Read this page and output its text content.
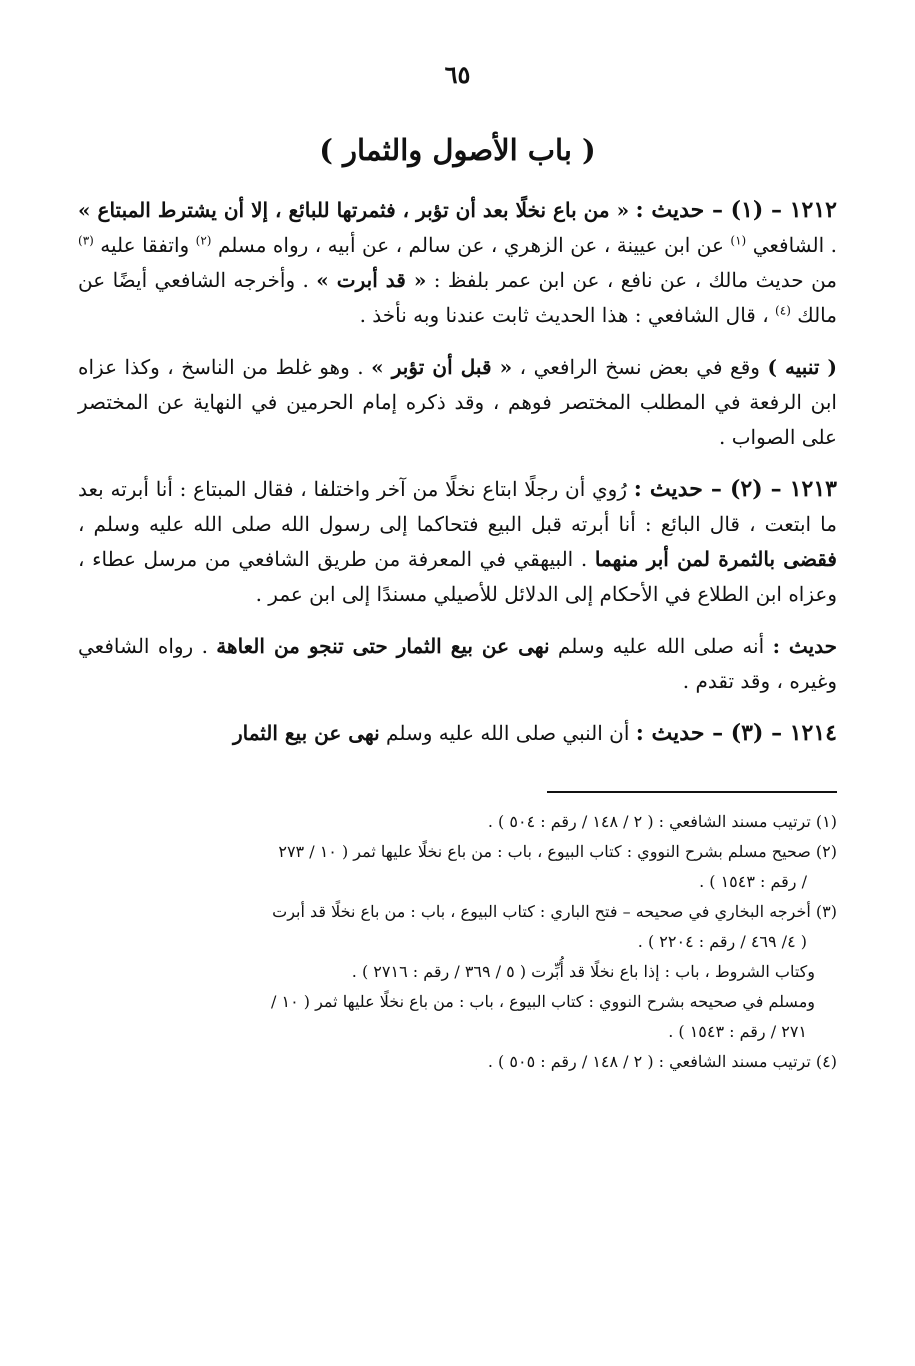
٦٥
( باب الأصول والثمار )

١٢١٢ – (١) – حديث : « من باع نخلًا بعد أن تؤبر ، فثمرتها للبائع ، إلا أن يشترط المبتاع » . الشافعي $^{(١)}$ عن ابن عيينة ، عن الزهري ، عن سالم ، عن أبيه ، رواه مسلم $^{(٢)}$ واتفقا عليه $^{(٣)}$ من حديث مالك ، عن نافع ، عن ابن عمر بلفظ : « قد أبرت » . وأخرجه الشافعي أيضًا عن مالك $^{(٤)}$ ، قال الشافعي : هذا الحديث ثابت عندنا وبه نأخذ .

( تنبيه ) وقع في بعض نسخ الرافعي ، « قبل أن تؤبر » . وهو غلط من الناسخ ، وكذا عزاه ابن الرفعة في المطلب المختصر فوهم ، وقد ذكره إمام الحرمين في النهاية عن المختصر على الصواب .

١٢١٣ – (٢) – حديث : رُوي أن رجلًا ابتاع نخلًا من آخر واختلفا ، فقال المبتاع : أنا أبرته بعد ما ابتعت ، قال البائع : أنا أبرته قبل البيع فتحاكما إلى رسول الله صلى الله عليه وسلم ، فقضى بالثمرة لمن أبر منهما . البيهقي في المعرفة من طريق الشافعي من مرسل عطاء ، وعزاه ابن الطلاع في الأحكام إلى الدلائل للأصيلي مسندًا إلى ابن عمر .

حديث : أنه صلى الله عليه وسلم نهى عن بيع الثمار حتى تنجو من العاهة . رواه الشافعي وغيره ، وقد تقدم .

١٢١٤ – (٣) – حديث : أن النبي صلى الله عليه وسلم نهى عن بيع الثمار

(١) ترتيب مسند الشافعي : ( ٢ / ١٤٨ / رقم : ٥٠٤ ) .

(٢) صحيح مسلم بشرح النووي : كتاب البيوع ، باب : من باع نخلًا عليها ثمر ( ١٠ / ٢٧٣

/ رقم : ١٥٤٣ ) .

(٣) أخرجه البخاري في صحيحه – فتح الباري : كتاب البيوع ، باب : من باع نخلًا قد أبرت

( ٤/ ٤٦٩ / رقم : ٢٢٠٤ ) .

وكتاب الشروط ، باب : إذا باع نخلًا قد أُبِّرت ( ٥ / ٣٦٩ / رقم : ٢٧١٦ ) .

ومسلم في صحيحه بشرح النووي : كتاب البيوع ، باب : من باع نخلًا عليها ثمر ( ١٠ /

٢٧١ / رقم : ١٥٤٣ ) .

(٤) ترتيب مسند الشافعي : ( ٢ / ١٤٨ / رقم : ٥٠٥ ) .
